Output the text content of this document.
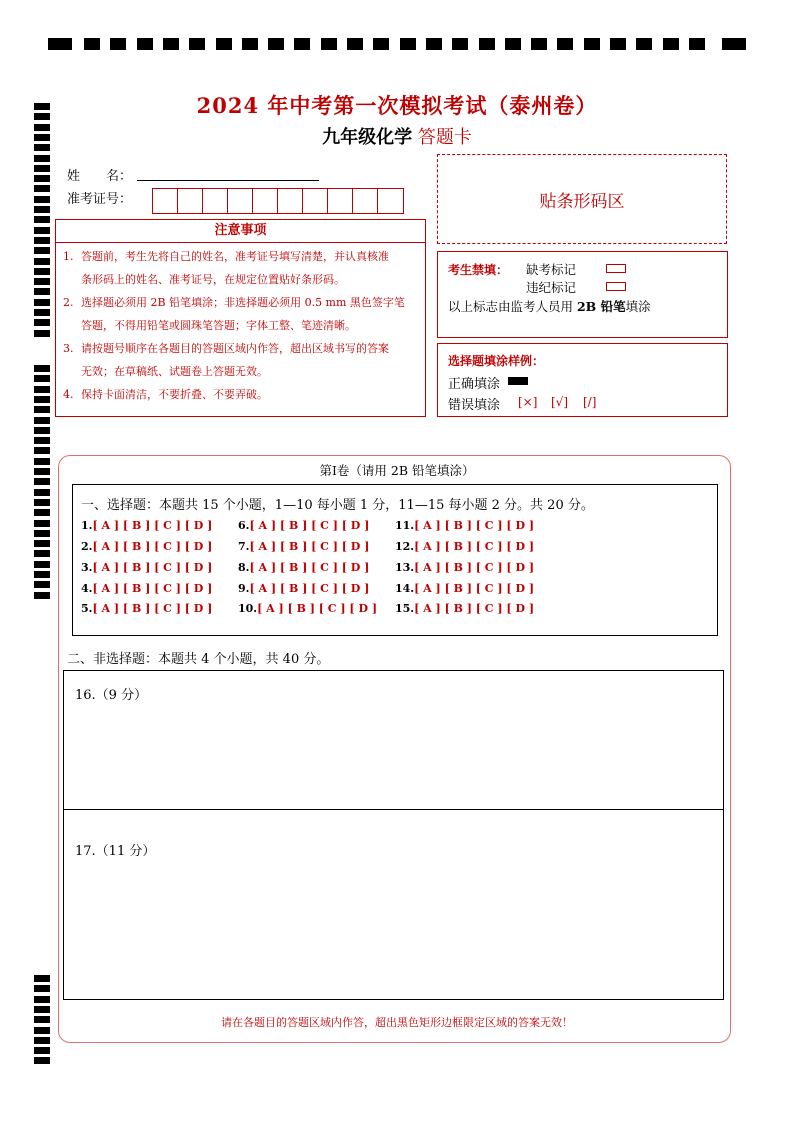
2024 年中考第一次模拟考试（泰州卷）
九年级化学 答题卡
姓　　名：
准考证号：	贴条形码区
注意事项
1. 答题前，考生先将自己的姓名，准考证号填写清楚，并认真核准
条形码上的姓名、准考证号，在规定位置贴好条形码。
2. 选择题必须用 2B 铅笔填涂；非选择题必须用 0.5 mm 黑色签字笔
答题，不得用铅笔或圆珠笔答题；字体工整、笔迹清晰。
3. 请按题号顺序在各题目的答题区域内作答，超出区域书写的答案
无效；在草稿纸、试题卷上答题无效。
4. 保持卡面清洁，不要折叠、不要弄破。
考生禁填： 缺考标记
违纪标记
以上标志由监考人员用 2B 铅笔填涂
选择题填涂样例：
正确填涂
错误填涂 [×] [√] [/]
第Ⅰ卷（请用 2B 铅笔填涂）
一、选择题：本题共 15 个小题，1—10 每小题 1 分，11—15 每小题 2 分。共 20 分。
1.[ A ] [ B ] [ C ] [ D ]
2.[ A ] [ B ] [ C ] [ D ]
3.[ A ] [ B ] [ C ] [ D ]
4.[ A ] [ B ] [ C ] [ D ]
5.[ A ] [ B ] [ C ] [ D ]
6.[ A ] [ B ] [ C ] [ D ]
7.[ A ] [ B ] [ C ] [ D ]
8.[ A ] [ B ] [ C ] [ D ]
9.[ A ] [ B ] [ C ] [ D ]
10.[ A ] [ B ] [ C ] [ D ]
11.[ A ] [ B ] [ C ] [ D ]
12.[ A ] [ B ] [ C ] [ D ]
13.[ A ] [ B ] [ C ] [ D ]
14.[ A ] [ B ] [ C ] [ D ]
15.[ A ] [ B ] [ C ] [ D ]
二、非选择题：本题共 4 个小题，共 40 分。
16.（9 分）
17.（11 分）
请在各题目的答题区域内作答，超出黑色矩形边框限定区域的答案无效！
